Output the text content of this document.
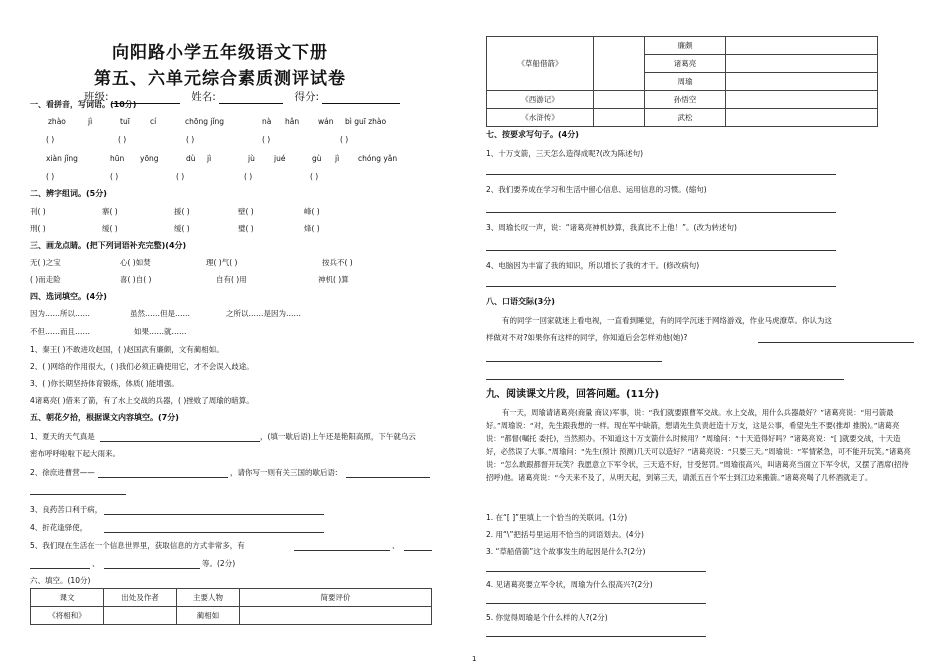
向阳路小学五年级语文下册
第五、六单元综合素质测评试卷
班级:	姓名:	得分:
一、看拼音，写词语。(10分)
zhào	jì	tuī	cí	chōng jǐng	nà hǎn	wán bì guī zhào
( )	( )	( )	( )	( )
xiàn jǐng	hūn yōng	dù jì	jù	jué	gù jì	chóng yǎn
( )	( )	( )	( )	( )
二、辨字组词。(5分)
刊( )	寨( )	援( )	壁( )	峰( )
刑( )	缓( )	缓( )	璧( )	烽( )
三、画龙点睛。(把下列词语补充完整)(4分)
无( )之宝	心( )如焚	理( )气( )	按兵不( )
( )而走险	喜( )自( )	自有( )用	神机( )算
四、选词填空。(4分)
因为……所以……	虽然……但是……	之所以……是因为……
不但……而且……	如果……就……
1、秦王( )不敢进攻赵国，( )赵国武有廉颇，文有蔺相如。
2、( )网络的作用很大，( )我们必须正确使用它，才不会误入歧途。
3、( )你长期坚持体育锻炼，体质( )能增强。
4诸葛亮( )借来了箭，有了水上交战的兵器，( )挫败了周瑜的暗算。
五、朝花夕拾，根据课文内容填空。(7分)
1、夏天的天气真是	，(填一歇后语)上午还是艳阳高照，下午就乌云
密布呼呼啦啦下起大雨来。
2、徐庶进曹营——	，请你写一则有关三国的歇后语:
3、良药苦口利于病，
4、折花逢驿使，
5、我们现在生活在一个信息世界里，获取信息的方式非常多，有	、
、	等。(2分)
六、填空。(10分)
课文	出处及作者	主要人物	简要评价
《将相和》		蔺相如	
《草船借箭》		廉颇	
		诸葛亮	
		周瑜	
《西游记》		孙悟空	
《水浒传》		武松	
七、按要求写句子。(4分)
1、十万支箭，三天怎么造得成呢?(改为陈述句)
2、我们要养成在学习和生活中留心信息、运用信息的习惯。(缩句)
3、周瑜长叹一声，说：“诸葛亮神机妙算，我真比不上他！”。(改为转述句)
4、电脑因为丰富了我的知识，所以增长了我的才干。(修改病句)
八、口语交际(3分)
有的同学一回家就迷上看电视，一直看到睡觉，有的同学沉迷于网络游戏，作业马虎潦草。你认为这
样做对不对?如果你有这样的同学，你知道后会怎样劝他(她)?
九、阅读课文片段，回答问题。(11分)
有一天，周瑜请诸葛亮(商量 商议)军事，说：“我们就要跟曹军交战。水上交战，用什么兵器最好？”诸葛亮说：“用弓箭最好。”周瑜说：“对，先生跟我想的一样。现在军中缺箭，想请先生负责赶造十万支，这是公事，希望先生不要(推却 推脱)。”诸葛亮说：“都督(嘱托 委托)，当然照办。不知道这十万支箭什么时候用？”周瑜问：“十天造得好吗？”诸葛亮说：“[ ]就要交战，十天造好，必然误了大事。”周瑜问：“先生(预计 预测)几天可以造好？”诸葛亮说：“只要三天。”周瑜说：“军情紧急，可不能开玩笑。”诸葛亮说：“怎么敢跟都督开玩笑？我愿意立下军令状，三天造不好，甘受惩罚。”周瑜很高兴，叫诸葛亮当面立下军令状，又摆了酒席(招待 招呼)他。诸葛亮说：“今天来不及了，从明天起，到第三天，请派五百个军士到江边来搬箭。”诸葛亮喝了几杯酒就走了。
1. 在“[ ]”里填上一个恰当的关联词。(1分)
2. 用“\”把括号里运用不恰当的词语划去。(4分)
3. “草船借箭”这个故事发生的起因是什么?(2分)
4. 见诸葛亮要立军令状，周瑜为什么很高兴?(2分)
5. 你觉得周瑜是个什么样的人?(2分)
1
